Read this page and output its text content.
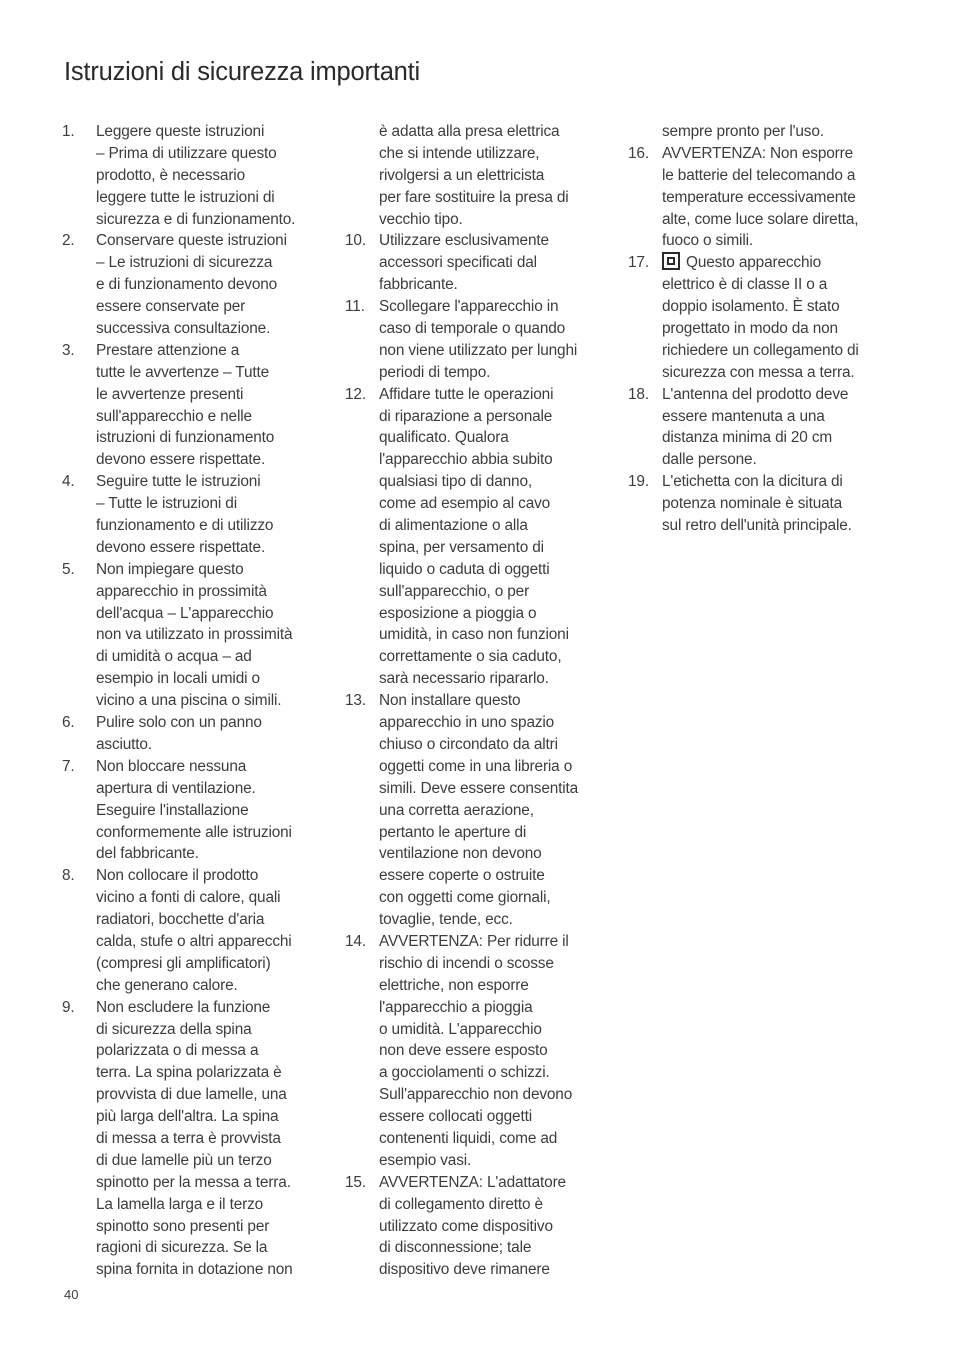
Istruzioni di sicurezza importanti
1.	Leggere queste istruzioni
– Prima di utilizzare questo
prodotto, è necessario
leggere tutte le istruzioni di
sicurezza e di funzionamento.
2.	Conservare queste istruzioni
– Le istruzioni di sicurezza
e di funzionamento devono
essere conservate per
successiva consultazione.
3.	Prestare attenzione a
tutte le avvertenze – Tutte
le avvertenze presenti
sull'apparecchio e nelle
istruzioni di funzionamento
devono essere rispettate.
4.	Seguire tutte le istruzioni
– Tutte le istruzioni di
funzionamento e di utilizzo
devono essere rispettate.
5.	Non impiegare questo
apparecchio in prossimità
dell'acqua – L'apparecchio
non va utilizzato in prossimità
di umidità o acqua – ad
esempio in locali umidi o
vicino a una piscina o simili.
6.	Pulire solo con un panno
asciutto.
7.	Non bloccare nessuna
apertura di ventilazione.
Eseguire l'installazione
conformemente alle istruzioni
del fabbricante.
8.	Non collocare il prodotto
vicino a fonti di calore, quali
radiatori, bocchette d'aria
calda, stufe o altri apparecchi
(compresi gli amplificatori)
che generano calore.
9.	Non escludere la funzione
di sicurezza della spina
polarizzata o di messa a
terra. La spina polarizzata è
provvista di due lamelle, una
più larga dell'altra. La spina
di messa a terra è provvista
di due lamelle più un terzo
spinotto per la messa a terra.
La lamella larga e il terzo
spinotto sono presenti per
ragioni di sicurezza. Se la
spina fornita in dotazione non
è adatta alla presa elettrica
che si intende utilizzare,
rivolgersi a un elettricista
per fare sostituire la presa di
vecchio tipo.
10. Utilizzare esclusivamente
accessori specificati dal
fabbricante.
11. Scollegare l'apparecchio in
caso di temporale o quando
non viene utilizzato per lunghi
periodi di tempo.
12. Affidare tutte le operazioni
di riparazione a personale
qualificato. Qualora
l'apparecchio abbia subito
qualsiasi tipo di danno,
come ad esempio al cavo
di alimentazione o alla
spina, per versamento di
liquido o caduta di oggetti
sull'apparecchio, o per
esposizione a pioggia o
umidità, in caso non funzioni
correttamente o sia caduto,
sarà necessario ripararlo.
13. Non installare questo
apparecchio in uno spazio
chiuso o circondato da altri
oggetti come in una libreria o
simili. Deve essere consentita
una corretta aerazione,
pertanto le aperture di
ventilazione non devono
essere coperte o ostruite
con oggetti come giornali,
tovaglie, tende, ecc.
14. AVVERTENZA: Per ridurre il
rischio di incendi o scosse
elettriche, non esporre
l'apparecchio a pioggia
o umidità. L'apparecchio
non deve essere esposto
a gocciolamenti o schizzi.
Sull'apparecchio non devono
essere collocati oggetti
contenenti liquidi, come ad
esempio vasi.
15. AVVERTENZA: L'adattatore
di collegamento diretto è
utilizzato come dispositivo
di disconnessione; tale
dispositivo deve rimanere
sempre pronto per l'uso.
16. AVVERTENZA: Non esporre
le batterie del telecomando a
temperature eccessivamente
alte, come luce solare diretta,
fuoco o simili.
17.	Questo apparecchio
elettrico è di classe II o a
doppio isolamento. È stato
progettato in modo da non
richiedere un collegamento di
sicurezza con messa a terra.
18. L'antenna del prodotto deve
essere mantenuta a una
distanza minima di 20 cm
dalle persone.
19. L'etichetta con la dicitura di
potenza nominale è situata
sul retro dell'unità principale.
40
